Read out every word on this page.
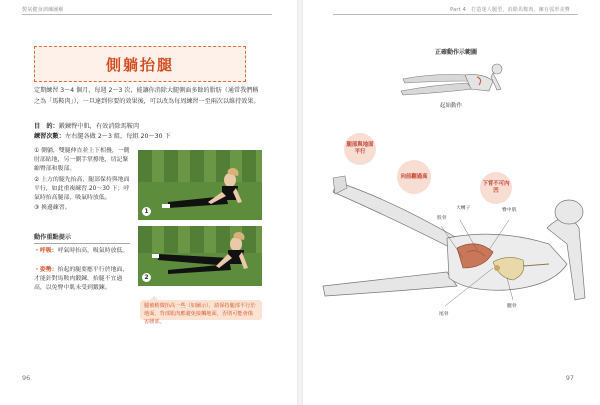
製氣健身訓練圖解
側躺抬腿
定期練習 3～4 個月，每週 2～3 次，能讓你消除大腿側面多餘的脂肪（通常我們稱之為「馬鞍肉」），一旦達到你要的效果後，可以改為每周練習一至兩次以維持效果。
目　的：鍛鍊臀中肌，有效消除馬鞍肉
練習次數：左右腿各做 2～3 組，每組 20～30 下
① 側躺，雙腿伸直並上下相疊，一側肘部貼地，另一側手掌撐地，切記緊縮臀部和腹部。
② 上方的腿先抬高，腿部保持與地面平行，如此重複練習 20～30 下；呼氣時抬高腿部，吸氣時放低。
③ 換邊練習。	1
2
動作重點提示
・呼吸：呼氣時抬高，吸氣時放低。
・姿勢：抬起的腿要應平行於地面，才能針對馬鞍肉鍛鍊，抬腿不宜過高，以免臀中肌未受到鍛鍊。
腿被稍微抬高一些（如圖示），請保持腿部平行於地面，背部肌肉應避免接觸地面，否則可能會傷害腰部。
96
Part 4　打造迷人腿型，消除馬鞍肉，擁有弧形美臀
正確動作示範圖
起始動作
腿部與地面平行
向前翻過高
下背不可內凹
大轉子	臀中肌
股骨
髖骨
尾骨
97
